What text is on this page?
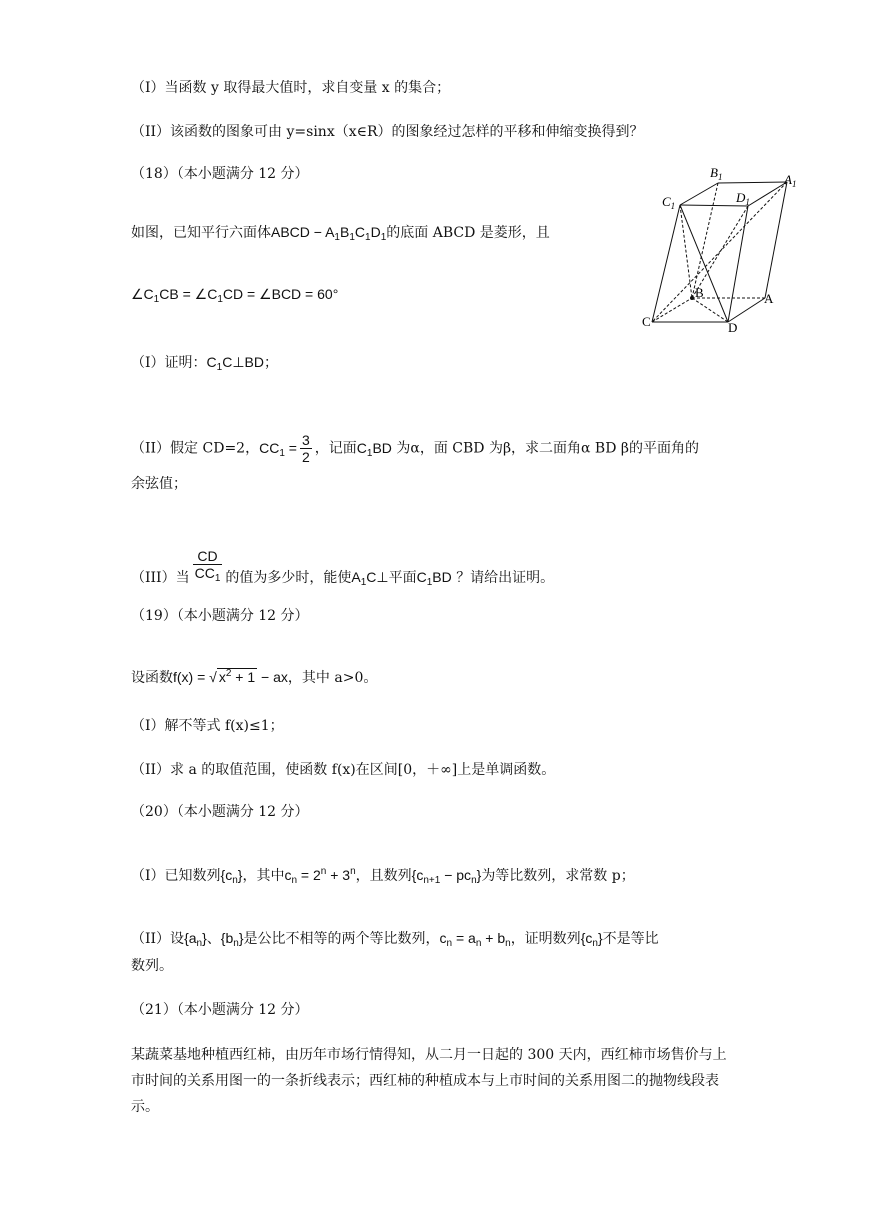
（I）当函数 y 取得最大值时，求自变量 x 的集合；
（II）该函数的图象可由 y=sinx（x∈R）的图象经过怎样的平移和伸缩变换得到？
（18）（本小题满分 12 分）
如图，已知平行六面体ABCD − $A_1B_1C_1D_1$的底面 ABCD 是菱形，且
$\angle C_1CB$ = $\angle C_1CD$ = ∠BCD = 60°
（I）证明：$C_1C\perp BD$；
（II）假定 CD=2，$CC_1 = \frac{3}{2}$ ，记面$C_1BD$ 为α，面 CBD 为β，求二面角α BD β的平面角的
余弦值；
（III）当 $\frac{CD}{CC_1}$ 的值为多少时，能使$A_1C\perp$平面$C_1BD$ ？请给出证明。
$B_1$	$A_1$
$C_1$
$D_1$
B	A
C	D
（19）（本小题满分 12 分）
设函数f(x) = √ $x^2 + 1$ − ax，其中 a>0。
（I）解不等式 f(x)≤1；
（II）求 a 的取值范围，使函数 f(x)在区间[0，＋∞]上是单调函数。
（20）（本小题满分 12 分）
（I）已知数列$\{c_n\}$，其中$c_n = 2^n + 3^n$，且数列$\{c_{n+1} - pc_n\}$为等比数列，求常数 p；
（II）设$\{a_n\}$、$\{b_n\}$是公比不相等的两个等比数列，$c_n = a_n + b_n$，证明数列$\{c_n\}$不是等比
数列。
（21）（本小题满分 12 分）
某蔬菜基地种植西红柿，由历年市场行情得知，从二月一日起的 300 天内，西红柿市场售价与上市时间的关系用图一的一条折线表示；西红柿的种植成本与上市时间的关系用图二的抛物线段表示。
